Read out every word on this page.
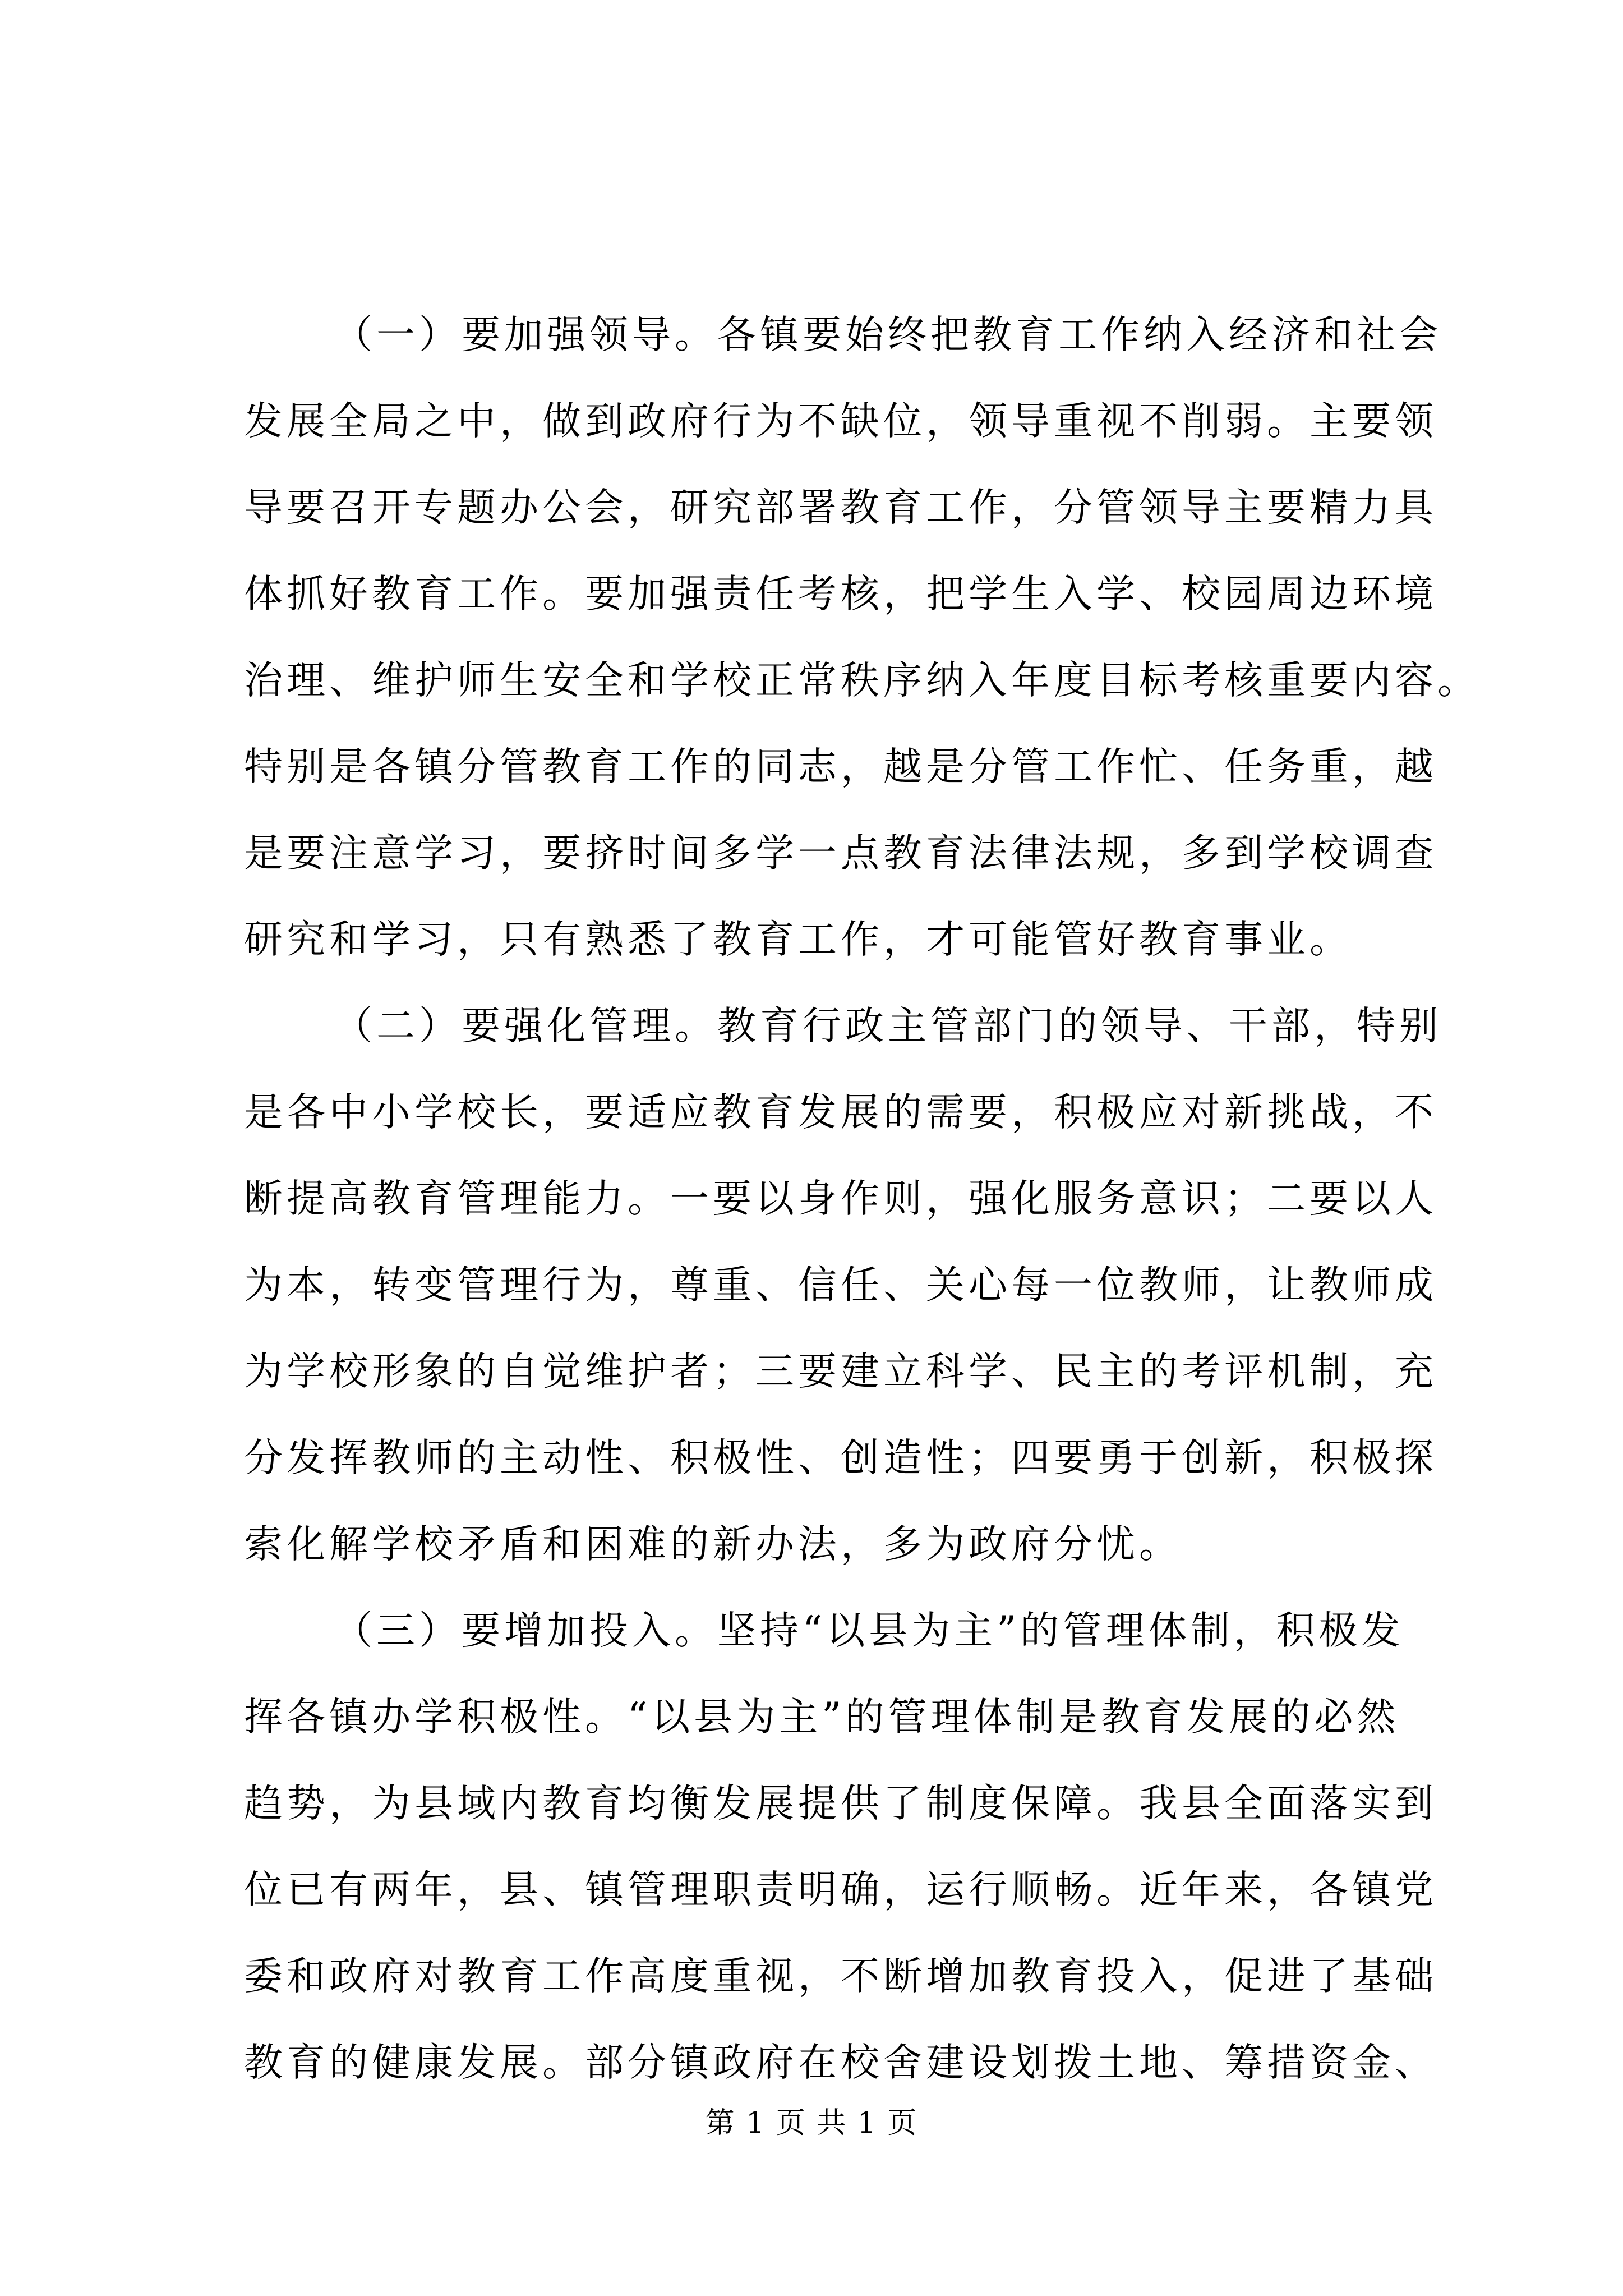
（一）要加强领导。各镇要始终把教育工作纳入经济和社会
发展全局之中，做到政府行为不缺位，领导重视不削弱。主要领
导要召开专题办公会，研究部署教育工作，分管领导主要精力具
体抓好教育工作。要加强责任考核，把学生入学、校园周边环境
治理、维护师生安全和学校正常秩序纳入年度目标考核重要内容。
特别是各镇分管教育工作的同志，越是分管工作忙、任务重，越
是要注意学习，要挤时间多学一点教育法律法规，多到学校调查
研究和学习，只有熟悉了教育工作，才可能管好教育事业。
（二）要强化管理。教育行政主管部门的领导、干部，特别
是各中小学校长，要适应教育发展的需要，积极应对新挑战，不
断提高教育管理能力。一要以身作则，强化服务意识；二要以人
为本，转变管理行为，尊重、信任、关心每一位教师，让教师成
为学校形象的自觉维护者；三要建立科学、民主的考评机制，充
分发挥教师的主动性、积极性、创造性；四要勇于创新，积极探
索化解学校矛盾和困难的新办法，多为政府分忧。
（三）要增加投入。坚持“以县为主”的管理体制，积极发
挥各镇办学积极性。“以县为主”的管理体制是教育发展的必然
趋势，为县域内教育均衡发展提供了制度保障。我县全面落实到
位已有两年，县、镇管理职责明确，运行顺畅。近年来，各镇党
委和政府对教育工作高度重视，不断增加教育投入，促进了基础
教育的健康发展。部分镇政府在校舍建设划拨土地、筹措资金、
第 1 页 共 1 页
